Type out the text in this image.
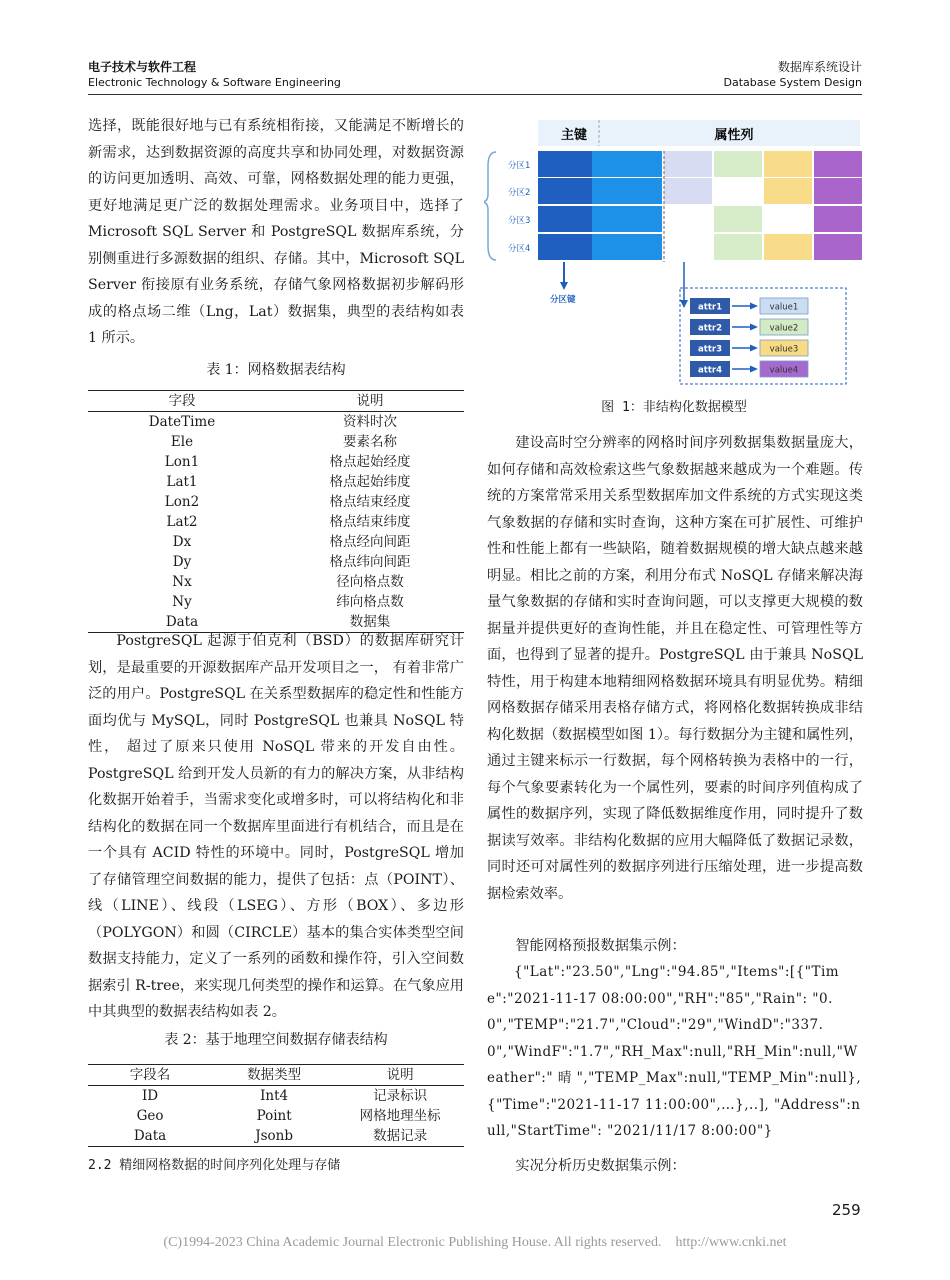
电子技术与软件工程
Electronic Technology & Software Engineering
数据库系统设计
Database System Design

选择，既能很好地与已有系统相衔接，又能满足不断增长的新需求，达到数据资源的高度共享和协同处理，对数据资源的访问更加透明、高效、可靠，网格数据处理的能力更强，更好地满足更广泛的数据处理需求。业务项目中，选择了 Microsoft SQL Server 和 PostgreSQL 数据库系统，分别侧重进行多源数据的组织、存储。其中，Microsoft SQL Server 衔接原有业务系统，存储气象网格数据初步解码形成的格点场二维（Lng，Lat）数据集，典型的表结构如表 1 所示。

表 1：网格数据表结构
字段	说明
DateTime	资料时次
Ele	要素名称
Lon1	格点起始经度
Lat1	格点起始纬度
Lon2	格点结束经度
Lat2	格点结束纬度
Dx	格点经向间距
Dy	格点纬向间距
Nx	径向格点数
Ny	纬向格点数
Data	数据集

PostgreSQL 起源于伯克利（BSD）的数据库研究计划，是最重要的开源数据库产品开发项目之一， 有着非常广泛的用户。PostgreSQL 在关系型数据库的稳定性和性能方面均优与 MySQL，同时 PostgreSQL 也兼具 NoSQL 特性， 超过了原来只使用 NoSQL 带来的开发自由性。PostgreSQL 给到开发人员新的有力的解决方案，从非结构化数据开始着手，当需求变化或增多时，可以将结构化和非结构化的数据在同一个数据库里面进行有机结合，而且是在一个具有 ACID 特性的环境中。同时，PostgreSQL 增加了存储管理空间数据的能力，提供了包括：点（POINT）、线（LINE）、线段（LSEG）、方形（BOX）、多边形（POLYGON）和圆（CIRCLE）基本的集合实体类型空间数据支持能力，定义了一系列的函数和操作符，引入空间数据索引 R-tree，来实现几何类型的操作和运算。在气象应用中其典型的数据表结构如表 2。

表 2：基于地理空间数据存储表结构
字段名	数据类型	说明
ID	Int4	记录标识
Geo	Point	网格地理坐标
Data	Jsonb	数据记录
2.2 精细网格数据的时间序列化处理与存储
主键	属性列
分区1
分区2
分区3
分区4
分区键
attr1	value1
attr2	value2
attr3	value3
attr4	value4
图 1：非结构化数据模型

建设高时空分辨率的网格时间序列数据集数据量庞大，如何存储和高效检索这些气象数据越来越成为一个难题。传统的方案常常采用关系型数据库加文件系统的方式实现这类气象数据的存储和实时查询，这种方案在可扩展性、可维护性和性能上都有一些缺陷，随着数据规模的增大缺点越来越明显。相比之前的方案，利用分布式 NoSQL 存储来解决海量气象数据的存储和实时查询问题，可以支撑更大规模的数据量并提供更好的查询性能，并且在稳定性、可管理性等方面，也得到了显著的提升。PostgreSQL 由于兼具 NoSQL 特性，用于构建本地精细网格数据环境具有明显优势。精细网格数据存储采用表格存储方式，将网格化数据转换成非结构化数据（数据模型如图 1）。每行数据分为主键和属性列，通过主键来标示一行数据，每个网格转换为表格中的一行，每个气象要素转化为一个属性列，要素的时间序列值构成了属性的数据序列，实现了降低数据维度作用，同时提升了数据读写效率。非结构化数据的应用大幅降低了数据记录数，同时还可对属性列的数据序列进行压缩处理，进一步提高数据检索效率。

智能网格预报数据集示例：

{"Lat":"23.50","Lng":"94.85","Items":[{"Time":"2021-11-17 08:00:00","RH":"85","Rain": "0.0","TEMP":"21.7","Cloud":"29","WindD":"337.0","WindF":"1.7","RH_Max":null,"RH_Min":null,"Weather":" 晴 ","TEMP_Max":null,"TEMP_Min":null},{"Time":"2021-11-17 11:00:00",…},..], "Address":null,"StartTime": "2021/11/17 8:00:00"}

实况分析历史数据集示例：

259
(C)1994-2023 China Academic Journal Electronic Publishing House. All rights reserved.    http://www.cnki.net
